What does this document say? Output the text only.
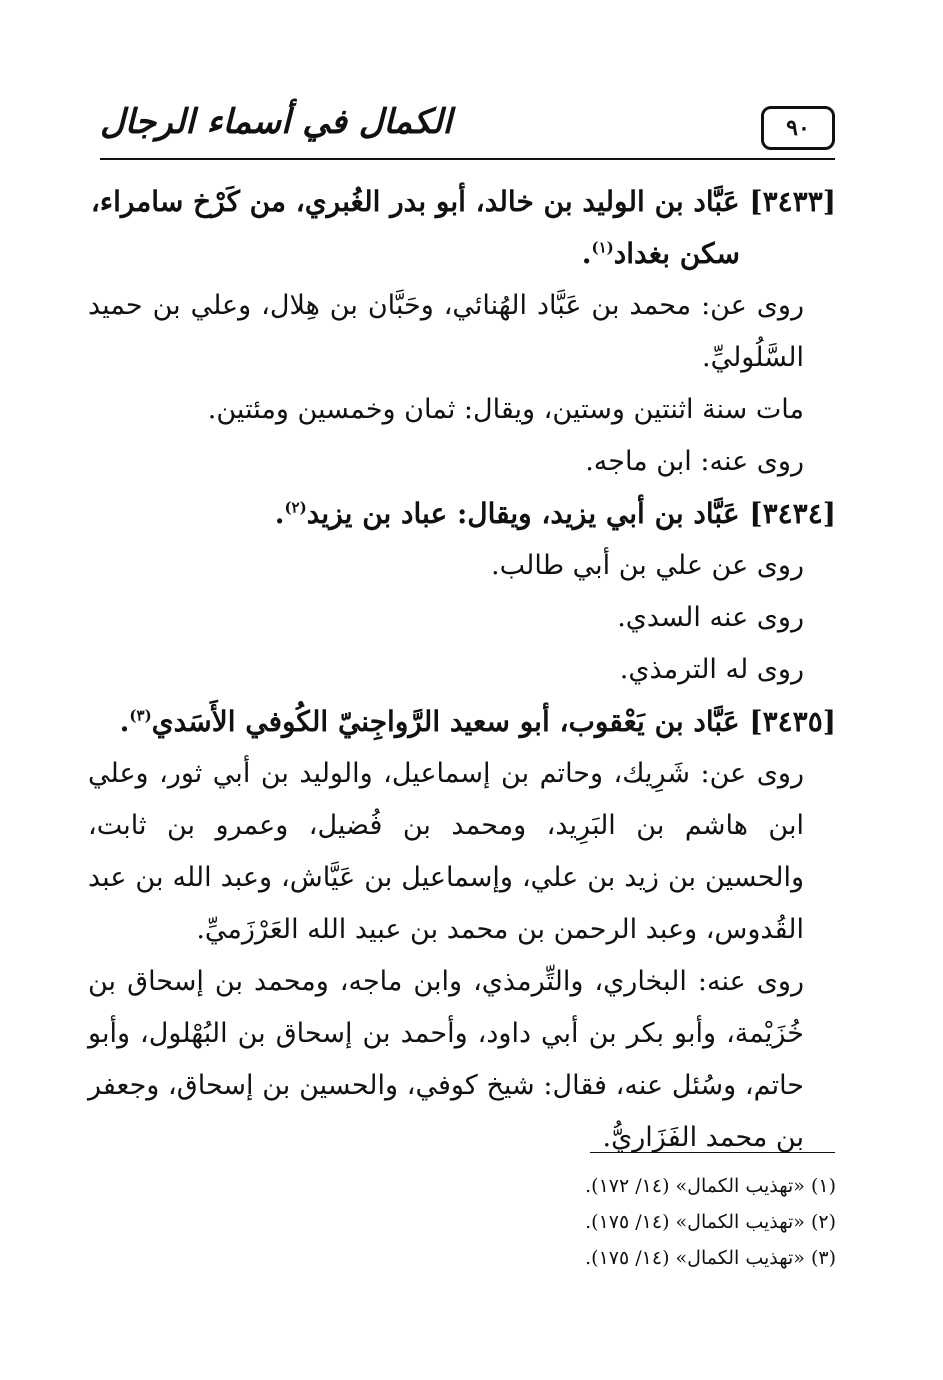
٩٠
الكمال في أسماء الرجال

[٣٤٣٣] عَبَّاد بن الوليد بن خالد، أبو بدر الغُبري، من كَرْخ سامراء،

سكن بغداد$^{(١)}$.

روى عن: محمد بن عَبَّاد الهُنائي، وحَبَّان بن هِلال، وعلي بن حميد السَّلُوليِّ.

مات سنة اثنتين وستين، ويقال: ثمان وخمسين ومئتين.

روى عنه: ابن ماجه.

[٣٤٣٤] عَبَّاد بن أبي يزيد، ويقال: عباد بن يزيد$^{(٢)}$.

روى عن علي بن أبي طالب.

روى عنه السدي.

روى له الترمذي.

[٣٤٣٥] عَبَّاد بن يَعْقوب، أبو سعيد الرَّواجِنيّ الكُوفي الأَسَدي$^{(٣)}$.

روى عن: شَرِيك، وحاتم بن إسماعيل، والوليد بن أبي ثور، وعلي ابن هاشم بن البَرِيد، ومحمد بن فُضيل، وعمرو بن ثابت، والحسين بن زيد بن علي، وإسماعيل بن عَيَّاش، وعبد الله بن عبد القُدوس، وعبد الرحمن بن محمد بن عبيد الله العَرْزَميِّ.

روى عنه: البخاري، والتِّرمذي، وابن ماجه، ومحمد بن إسحاق بن خُزَيْمة، وأبو بكر بن أبي داود، وأحمد بن إسحاق بن البُهْلول، وأبو حاتم، وسُئل عنه، فقال: شيخ كوفي، والحسين بن إسحاق، وجعفر بن محمد الفَزَاريُّ.

(١) «تهذيب الكمال» (١٤/ ١٧٢).

(٢) «تهذيب الكمال» (١٤/ ١٧٥).

(٣) «تهذيب الكمال» (١٤/ ١٧٥).
